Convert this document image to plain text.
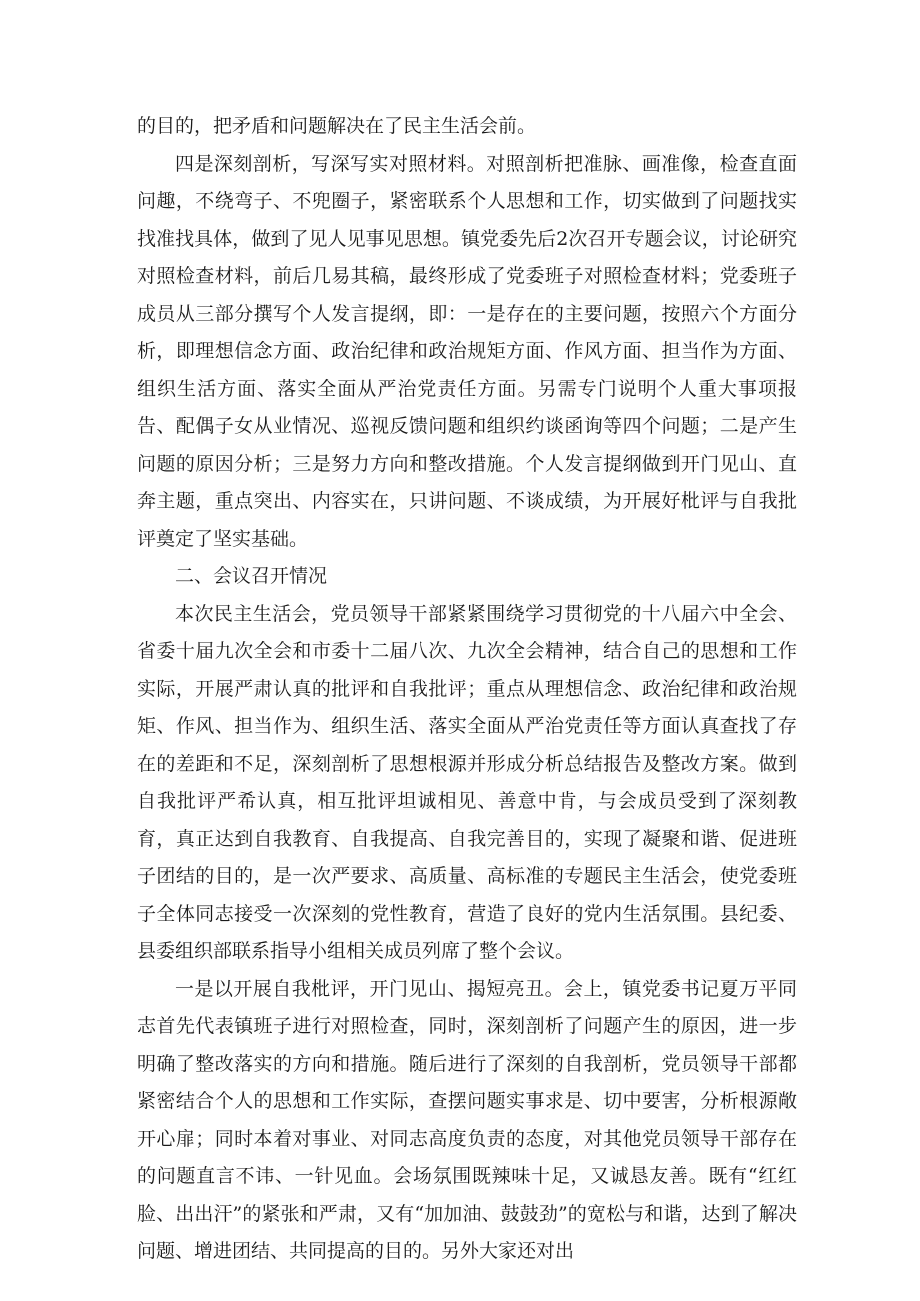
的目的，把矛盾和问题解决在了民主生活会前。

四是深刻剖析，写深写实对照材料。对照剖析把准脉、画准像，检查直面问趣，不绕弯子、不兜圈子，紧密联系个人思想和工作，切实做到了问题找实找准找具体，做到了见人见事见思想。镇党委先后2次召开专题会议，讨论研究对照检查材料，前后几易其稿，最终形成了党委班子对照检查材料；党委班子成员从三部分撰写个人发言提纲，即：一是存在的主要问题，按照六个方面分析，即理想信念方面、政治纪律和政治规矩方面、作风方面、担当作为方面、组织生活方面、落实全面从严治党责任方面。另需专门说明个人重大事项报告、配偶子女从业情况、巡视反馈问题和组织约谈函询等四个问题；二是产生问题的原因分析；三是努力方向和整改措施。个人发言提纲做到开门见山、直奔主题，重点突出、内容实在，只讲问题、不谈成绩，为开展好枇评与自我批评奠定了坚实基础。

二、会议召开情况

本次民主生活会，党员领导干部紧紧围绕学习贯彻党的十八届六中全会、省委十届九次全会和市委十二届八次、九次全会精神，结合自己的思想和工作实际，开展严肃认真的批评和自我批评；重点从理想信念、政治纪律和政治规矩、作风、担当作为、组织生活、落实全面从严治党责任等方面认真查找了存在的差距和不足，深刻剖析了思想根源并形成分析总结报告及整改方案。做到自我批评严希认真，相互批评坦诚相见、善意中肯，与会成员受到了深刻教育，真正达到自我教育、自我提高、自我完善目的，实现了凝聚和谐、促进班子团结的目的，是一次严要求、高质量、高标准的专题民主生活会，使党委班子全体同志接受一次深刻的党性教育，营造了良好的党内生活氛围。县纪委、县委组织部联系指导小组相关成员列席了整个会议。

一是以开展自我枇评，开门见山、揭短亮丑。会上，镇党委书记夏万平同志首先代表镇班子进行对照检查，同时，深刻剖析了问题产生的原因，进一步明确了整改落实的方向和措施。随后进行了深刻的自我剖析，党员领导干部都紧密结合个人的思想和工作实际，查摆问题实事求是、切中要害，分析根源敞开心扉；同时本着对事业、对同志高度负责的态度，对其他党员领导干部存在的问题直言不讳、一针见血。会场氛围既辣味十足，又诚恳友善。既有“红红脸、出出汗”的紧张和严肃，又有“加加油、鼓鼓劲”的宽松与和谐，达到了解决问题、增进团结、共同提高的目的。另外大家还对出
